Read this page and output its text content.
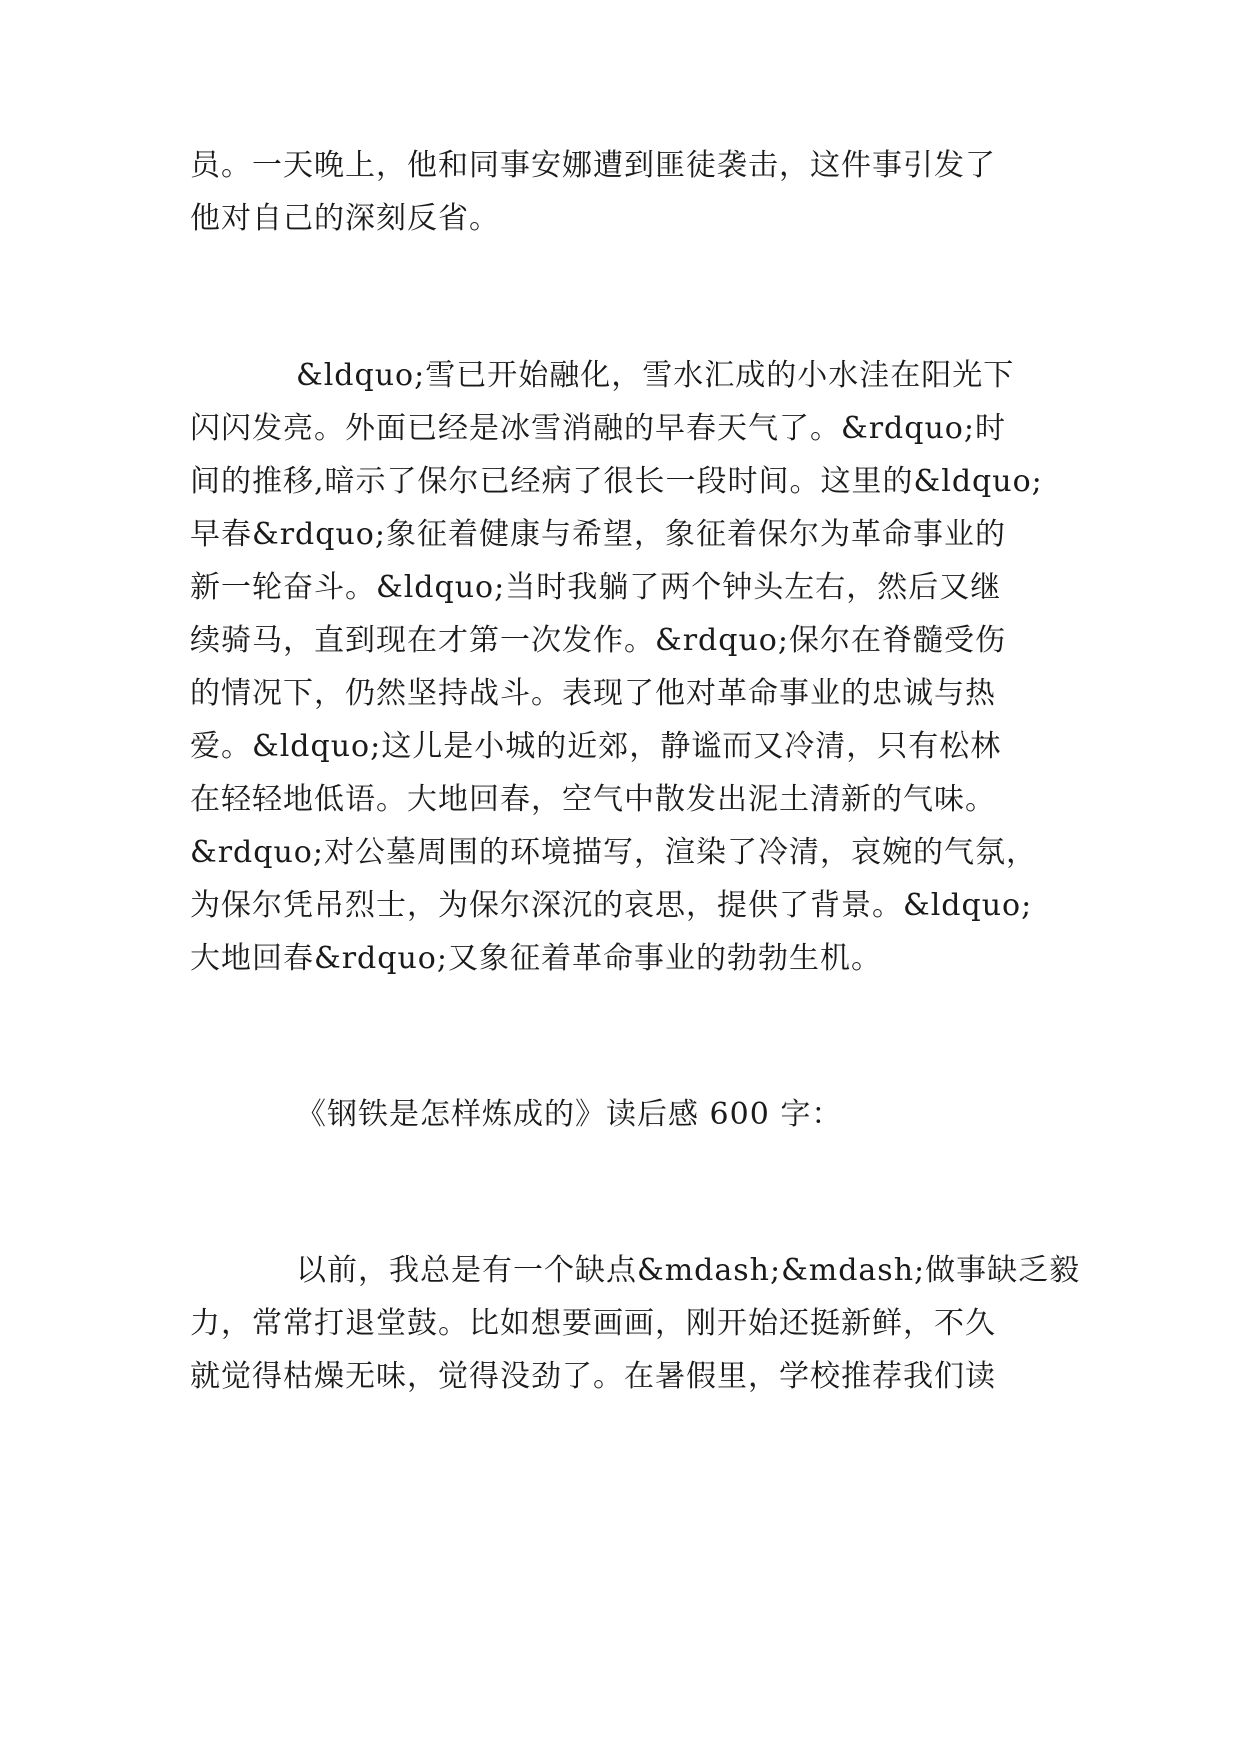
员。一天晚上，他和同事安娜遭到匪徒袭击，这件事引发了
他对自己的深刻反省。
&ldquo;雪已开始融化，雪水汇成的小水洼在阳光下
闪闪发亮。外面已经是冰雪消融的早春天气了。&rdquo;时
间的推移,暗示了保尔已经病了很长一段时间。这里的&ldquo;
早春&rdquo;象征着健康与希望，象征着保尔为革命事业的
新一轮奋斗。&ldquo;当时我躺了两个钟头左右，然后又继
续骑马，直到现在才第一次发作。&rdquo;保尔在脊髓受伤
的情况下，仍然坚持战斗。表现了他对革命事业的忠诚与热
爱。&ldquo;这儿是小城的近郊，静谧而又冷清，只有松林
在轻轻地低语。大地回春，空气中散发出泥土清新的气味。
&rdquo;对公墓周围的环境描写，渲染了冷清，哀婉的气氛，
为保尔凭吊烈士，为保尔深沉的哀思，提供了背景。&ldquo;
大地回春&rdquo;又象征着革命事业的勃勃生机。
《钢铁是怎样炼成的》读后感 600 字：
以前，我总是有一个缺点&mdash;&mdash;做事缺乏毅
力，常常打退堂鼓。比如想要画画，刚开始还挺新鲜，不久
就觉得枯燥无味，觉得没劲了。在暑假里，学校推荐我们读
